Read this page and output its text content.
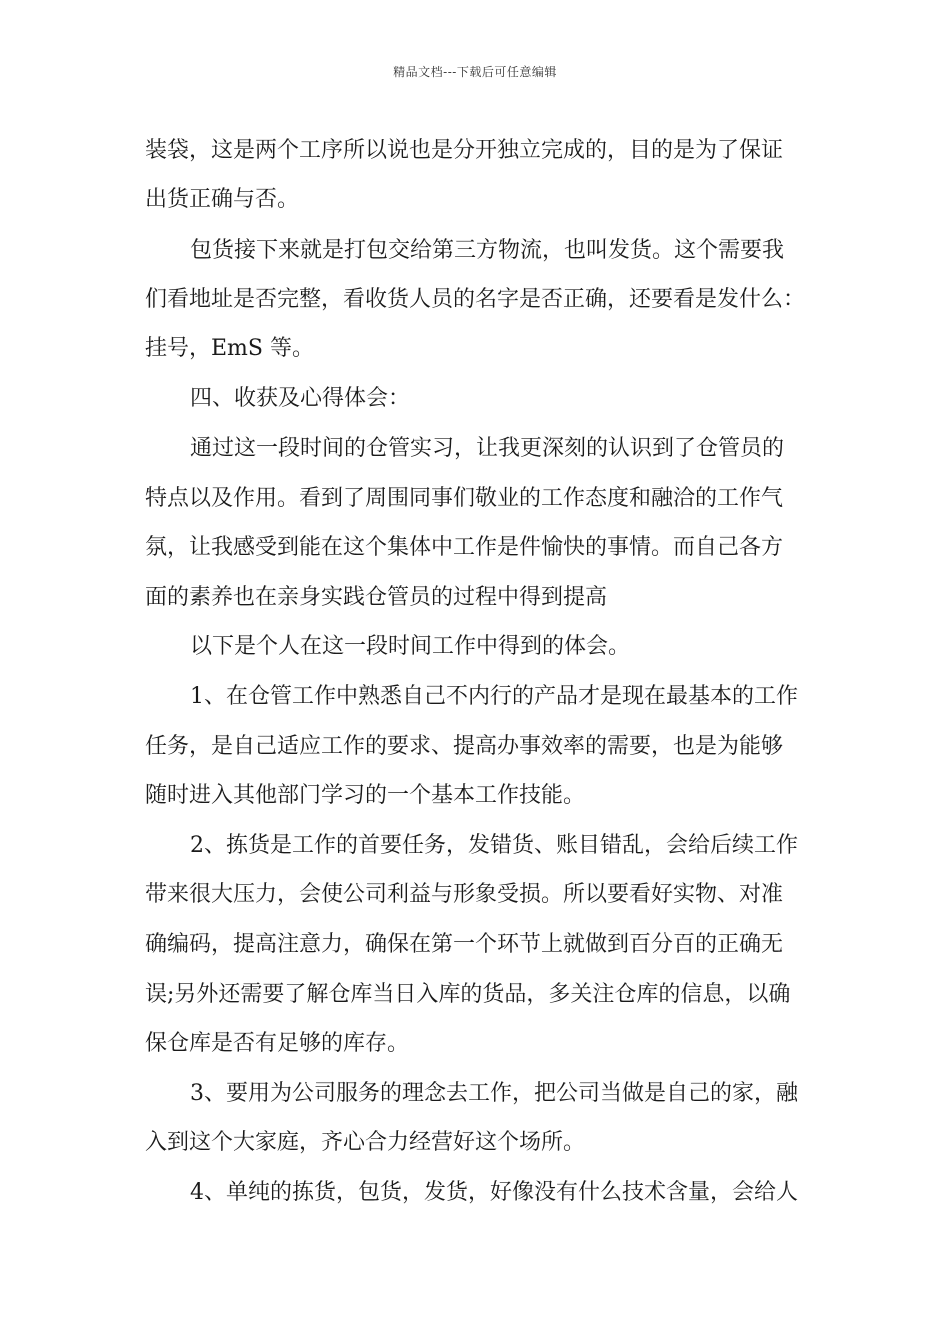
精品文档---下载后可任意编辑
装袋，这是两个工序所以说也是分开独立完成的，目的是为了保证
出货正确与否。
包货接下来就是打包交给第三方物流，也叫发货。这个需要我
们看地址是否完整，看收货人员的名字是否正确，还要看是发什么：
挂号，EmS 等。
四、收获及心得体会：
通过这一段时间的仓管实习，让我更深刻的认识到了仓管员的
特点以及作用。看到了周围同事们敬业的工作态度和融洽的工作气
氛，让我感受到能在这个集体中工作是件愉快的事情。而自己各方
面的素养也在亲身实践仓管员的过程中得到提高
以下是个人在这一段时间工作中得到的体会。
1、在仓管工作中熟悉自己不内行的产品才是现在最基本的工作
任务，是自己适应工作的要求、提高办事效率的需要，也是为能够
随时进入其他部门学习的一个基本工作技能。
2、拣货是工作的首要任务，发错货、账目错乱，会给后续工作
带来很大压力，会使公司利益与形象受损。所以要看好实物、对准
确编码，提高注意力，确保在第一个环节上就做到百分百的正确无
误;另外还需要了解仓库当日入库的货品，多关注仓库的信息，以确
保仓库是否有足够的库存。
3、要用为公司服务的理念去工作，把公司当做是自己的家，融
入到这个大家庭，齐心合力经营好这个场所。
4、单纯的拣货，包货，发货，好像没有什么技术含量，会给人
